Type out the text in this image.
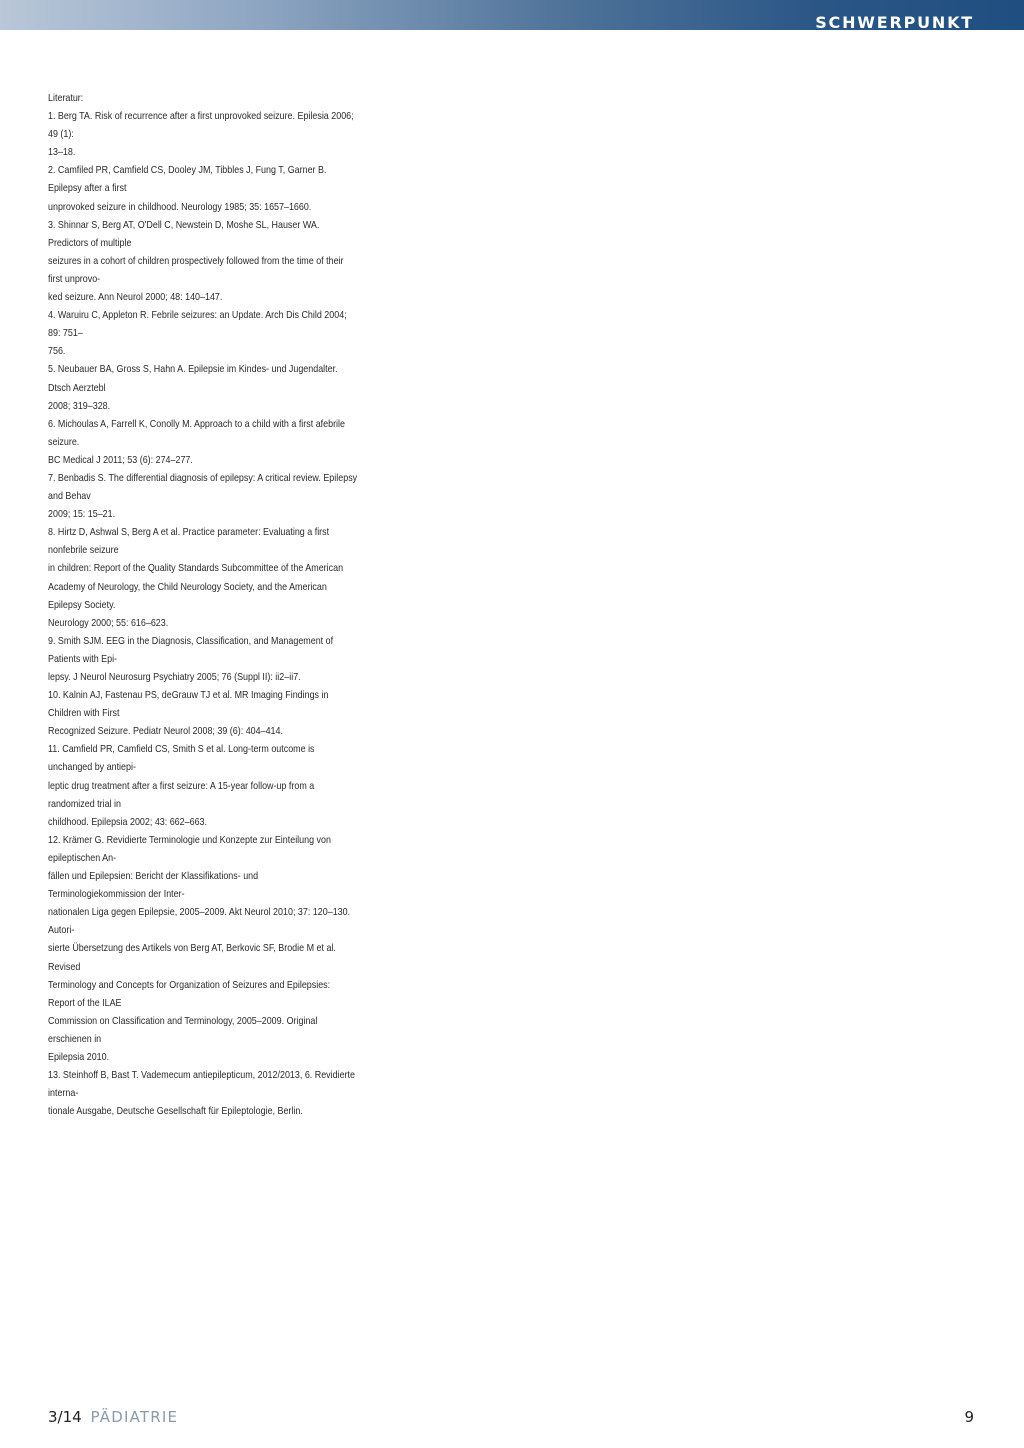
SCHWERPUNKT

Literatur:

1. Berg TA. Risk of recurrence after a first unprovoked seizure. Epilesia 2006; 49 (1):

13–18.

2. Camfiled PR, Camfield CS, Dooley JM, Tibbles J, Fung T, Garner B. Epilepsy after a first

unprovoked seizure in childhood. Neurology 1985; 35: 1657–1660.

3. Shinnar S, Berg AT, O'Dell C, Newstein D, Moshe SL, Hauser WA. Predictors of multiple

seizures in a cohort of children prospectively followed from the time of their first unprovo-

ked seizure. Ann Neurol 2000; 48: 140–147.

4. Waruiru C, Appleton R. Febrile seizures: an Update. Arch Dis Child 2004; 89: 751–

756.

5. Neubauer BA, Gross S, Hahn A. Epilepsie im Kindes- und Jugendalter. Dtsch Aerztebl

2008; 319–328.

6. Michoulas A, Farrell K, Conolly M. Approach to a child with a first afebrile seizure.

BC Medical J 2011; 53 (6): 274–277.

7. Benbadis S. The differential diagnosis of epilepsy: A critical review. Epilepsy and Behav

2009; 15: 15–21.

8. Hirtz D, Ashwal S, Berg A et al. Practice parameter: Evaluating a first nonfebrile seizure

in children: Report of the Quality Standards Subcommittee of the American

Academy of Neurology, the Child Neurology Society, and the American Epilepsy Society.

Neurology 2000; 55: 616–623.

9. Smith SJM. EEG in the Diagnosis, Classification, and Management of Patients with Epi-

lepsy. J Neurol Neurosurg Psychiatry 2005; 76 (Suppl II): ii2–ii7.

10. Kalnin AJ, Fastenau PS, deGrauw TJ et al. MR Imaging Findings in Children with First

Recognized Seizure. Pediatr Neurol 2008; 39 (6): 404–414.

11. Camfield PR, Camfield CS, Smith S et al. Long-term outcome is unchanged by antiepi-

leptic drug treatment after a first seizure: A 15-year follow-up from a randomized trial in

childhood. Epilepsia 2002; 43: 662–663.

12. Krämer G. Revidierte Terminologie und Konzepte zur Einteilung von epileptischen An-

fällen und Epilepsien: Bericht der Klassifikations- und Terminologiekommission der Inter-

nationalen Liga gegen Epilepsie, 2005–2009. Akt Neurol 2010; 37: 120–130. Autori-

sierte Übersetzung des Artikels von Berg AT, Berkovic SF, Brodie M et al. Revised

Terminology and Concepts for Organization of Seizures and Epilepsies: Report of the ILAE

Commission on Classification and Terminology, 2005–2009. Original erschienen in

Epilepsia 2010.

13. Steinhoff B, Bast T. Vademecum antiepilepticum, 2012/2013, 6. Revidierte interna-

tionale Ausgabe, Deutsche Gesellschaft für Epileptologie, Berlin.

3/14 PÄDIATRIE	9
